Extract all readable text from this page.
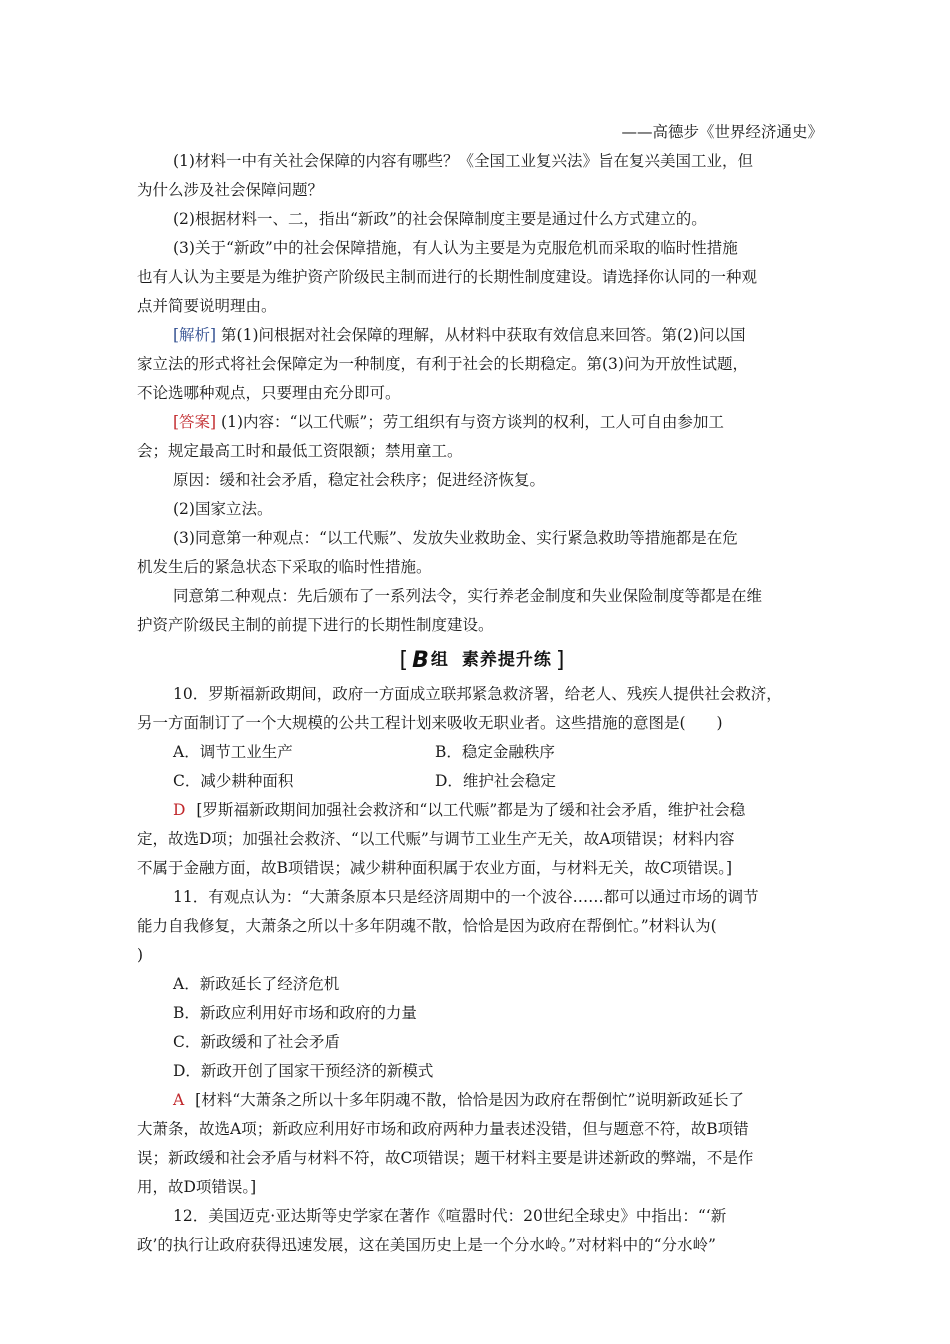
——高德步《世界经济通史》
(1)材料一中有关社会保障的内容有哪些？《全国工业复兴法》旨在复兴美国工业，但
为什么涉及社会保障问题？
(2)根据材料一、二，指出“新政”的社会保障制度主要是通过什么方式建立的。
(3)关于“新政”中的社会保障措施，有人认为主要是为克服危机而采取的临时性措施
也有人认为主要是为维护资产阶级民主制而进行的长期性制度建设。请选择你认同的一种观
点并简要说明理由。
[解析] 第(1)问根据对社会保障的理解，从材料中获取有效信息来回答。第(2)问以国
家立法的形式将社会保障定为一种制度，有利于社会的长期稳定。第(3)问为开放性试题，
不论选哪种观点，只要理由充分即可。
[答案] (1)内容：“以工代赈”；劳工组织有与资方谈判的权利，工人可自由参加工
会；规定最高工时和最低工资限额；禁用童工。
原因：缓和社会矛盾，稳定社会秩序；促进经济恢复。
(2)国家立法。
(3)同意第一种观点：“以工代赈”、发放失业救助金、实行紧急救助等措施都是在危
机发生后的紧急状态下采取的临时性措施。
同意第二种观点：先后颁布了一系列法令，实行养老金制度和失业保险制度等都是在维
护资产阶级民主制的前提下进行的长期性制度建设。
[ B 组 素养提升练 ]
10．罗斯福新政期间，政府一方面成立联邦紧急救济署，给老人、残疾人提供社会救济，
另一方面制订了一个大规模的公共工程计划来吸收无职业者。这些措施的意图是(　　)
A．调节工业生产	B．稳定金融秩序
C．减少耕种面积	D．维护社会稳定
D [罗斯福新政期间加强社会救济和“以工代赈”都是为了缓和社会矛盾，维护社会稳
定，故选D项；加强社会救济、“以工代赈”与调节工业生产无关，故A项错误；材料内容
不属于金融方面，故B项错误；减少耕种面积属于农业方面，与材料无关，故C项错误。]
11．有观点认为：“大萧条原本只是经济周期中的一个波谷……都可以通过市场的调节
能力自我修复，大萧条之所以十多年阴魂不散，恰恰是因为政府在帮倒忙。”材料认为(
)
A．新政延长了经济危机
B．新政应利用好市场和政府的力量
C．新政缓和了社会矛盾
D．新政开创了国家干预经济的新模式
A [材料“大萧条之所以十多年阴魂不散，恰恰是因为政府在帮倒忙”说明新政延长了
大萧条，故选A项；新政应利用好市场和政府两种力量表述没错，但与题意不符，故B项错
误；新政缓和社会矛盾与材料不符，故C项错误；题干材料主要是讲述新政的弊端，不是作
用，故D项错误。]
12．美国迈克·亚达斯等史学家在著作《喧嚣时代：20世纪全球史》中指出：“‘新
政’的执行让政府获得迅速发展，这在美国历史上是一个分水岭。”对材料中的“分水岭”
